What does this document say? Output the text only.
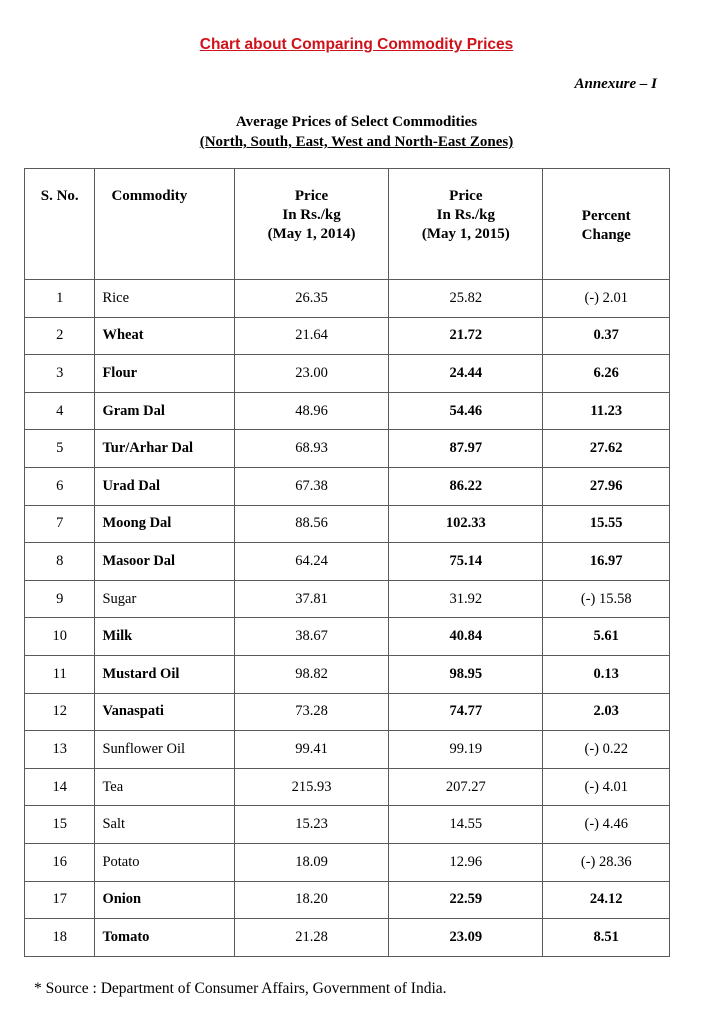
Chart about Comparing Commodity Prices
Annexure – I
Average Prices of Select Commodities
(North, South, East, West and North-East Zones)
S. No.	Commodity	Price
In Rs./kg
(May 1, 2014)	Price
In Rs./kg
(May 1, 2015)	Percent
Change

1	Rice	26.35	25.82	(-) 2.01
2	Wheat	21.64	21.72	0.37
3	Flour	23.00	24.44	6.26
4	Gram Dal	48.96	54.46	11.23
5	Tur/Arhar Dal	68.93	87.97	27.62
6	Urad Dal	67.38	86.22	27.96
7	Moong Dal	88.56	102.33	15.55
8	Masoor Dal	64.24	75.14	16.97
9	Sugar	37.81	31.92	(-) 15.58
10	Milk	38.67	40.84	5.61
11	Mustard Oil	98.82	98.95	0.13
12	Vanaspati	73.28	74.77	2.03
13	Sunflower Oil	99.41	99.19	(-) 0.22
14	Tea	215.93	207.27	(-) 4.01
15	Salt	15.23	14.55	(-) 4.46
16	Potato	18.09	12.96	(-) 28.36
17	Onion	18.20	22.59	24.12
18	Tomato	21.28	23.09	8.51
* Source : Department of Consumer Affairs, Government of India.
